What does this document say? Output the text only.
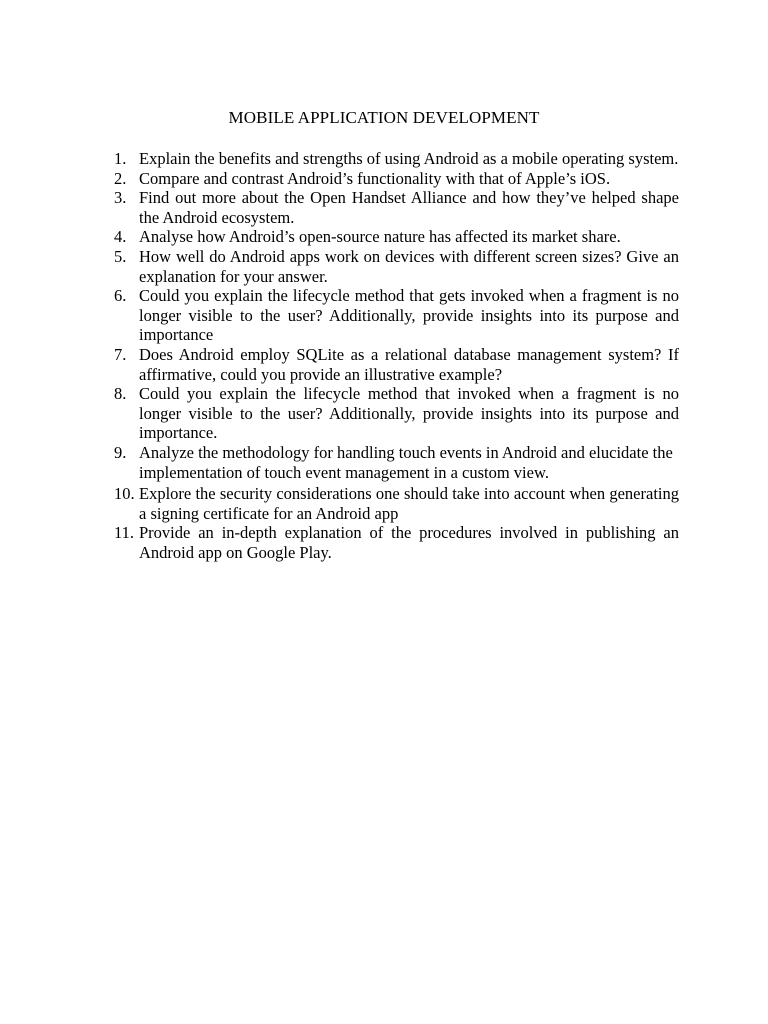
MOBILE APPLICATION DEVELOPMENT
1. Explain the benefits and strengths of using Android as a mobile operating system.
2. Compare and contrast Android’s functionality with that of Apple’s iOS.
3. Find out more about the Open Handset Alliance and how they’ve helped shape the Android ecosystem.
4. Analyse how Android’s open-source nature has affected its market share.
5. How well do Android apps work on devices with different screen sizes? Give an explanation for your answer.
6. Could you explain the lifecycle method that gets invoked when a fragment is no longer visible to the user? Additionally, provide insights into its purpose and importance
7. Does Android employ SQLite as a relational database management system? If affirmative, could you provide an illustrative example?
8. Could you explain the lifecycle method that invoked when a fragment is no longer visible to the user? Additionally, provide insights into its purpose and importance.
9. Analyze the methodology for handling touch events in Android and elucidate the implementation of touch event management in a custom view.
10. Explore the security considerations one should take into account when generating a signing certificate for an Android app
11. Provide an in-depth explanation of the procedures involved in publishing an Android app on Google Play.
